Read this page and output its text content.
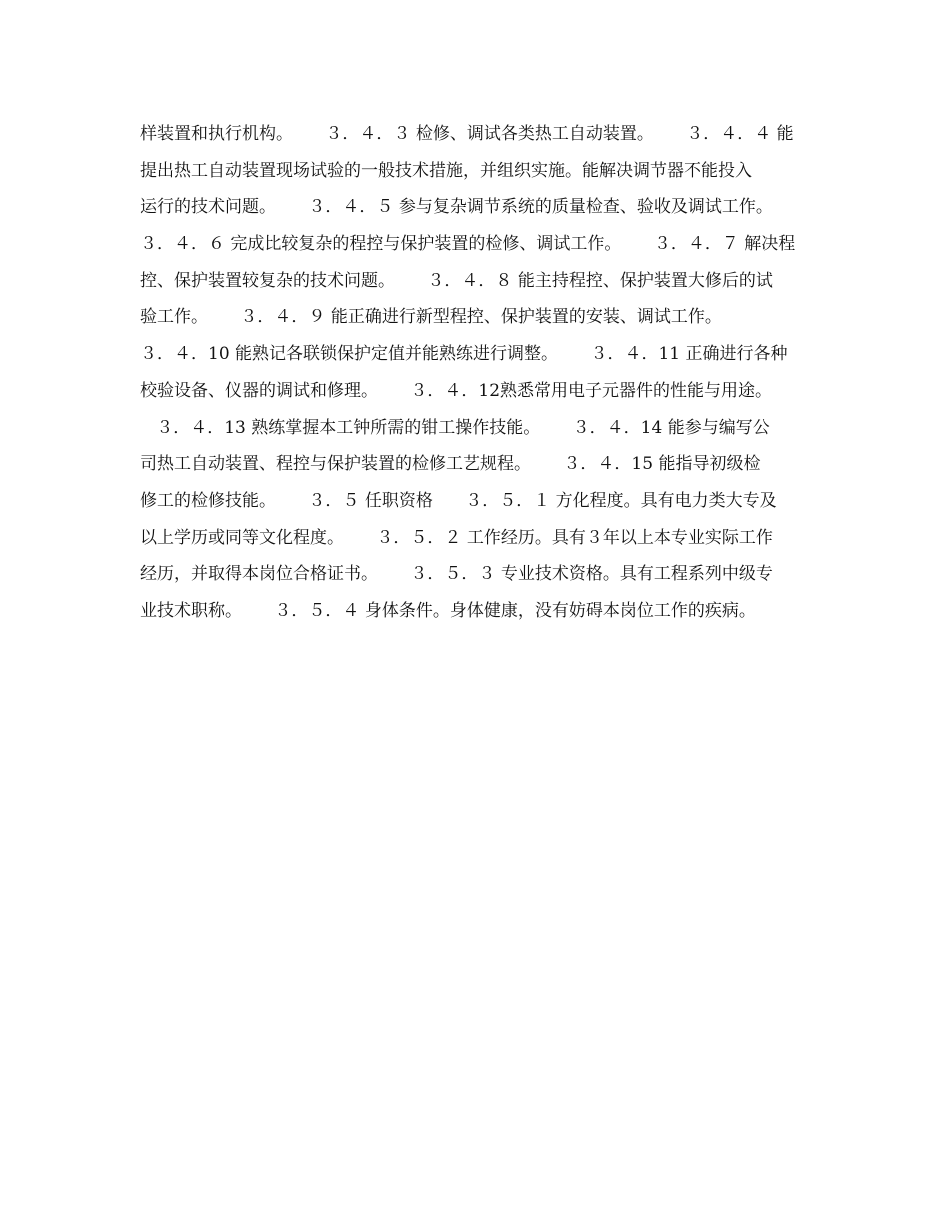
样装置和执行机构。      ３．４．３ 检修、调试各类热工自动装置。      ３．４．４ 能
提出热工自动装置现场试验的一般技术措施，并组织实施。能解决调节器不能投入
运行的技术问题。      ３．４．５ 参与复杂调节系统的质量检查、验收及调试工作。
３．４．６ 完成比较复杂的程控与保护装置的检修、调试工作。      ３．４．７ 解决程
控、保护装置较复杂的技术问题。      ３．４．８ 能主持程控、保护装置大修后的试
验工作。      ３．４．９ 能正确进行新型程控、保护装置的安装、调试工作。
３．４．10 能熟记各联锁保护定值并能熟练进行调整。      ３．４．11 正确进行各种
校验设备、仪器的调试和修理。      ３．４．12熟悉常用电子元器件的性能与用途。
３．４．13 熟练掌握本工钟所需的钳工操作技能。      ３．４．14 能参与编写公
司热工自动装置、程控与保护装置的检修工艺规程。      ３．４．15 能指导初级检
修工的检修技能。      ３．５ 任职资格      ３．５．１ 方化程度。具有电力类大专及
以上学历或同等文化程度。      ３．５．２ 工作经历。具有３年以上本专业实际工作
经历，并取得本岗位合格证书。      ３．５．３ 专业技术资格。具有工程系列中级专
业技术职称。      ３．５．４ 身体条件。身体健康，没有妨碍本岗位工作的疾病。
